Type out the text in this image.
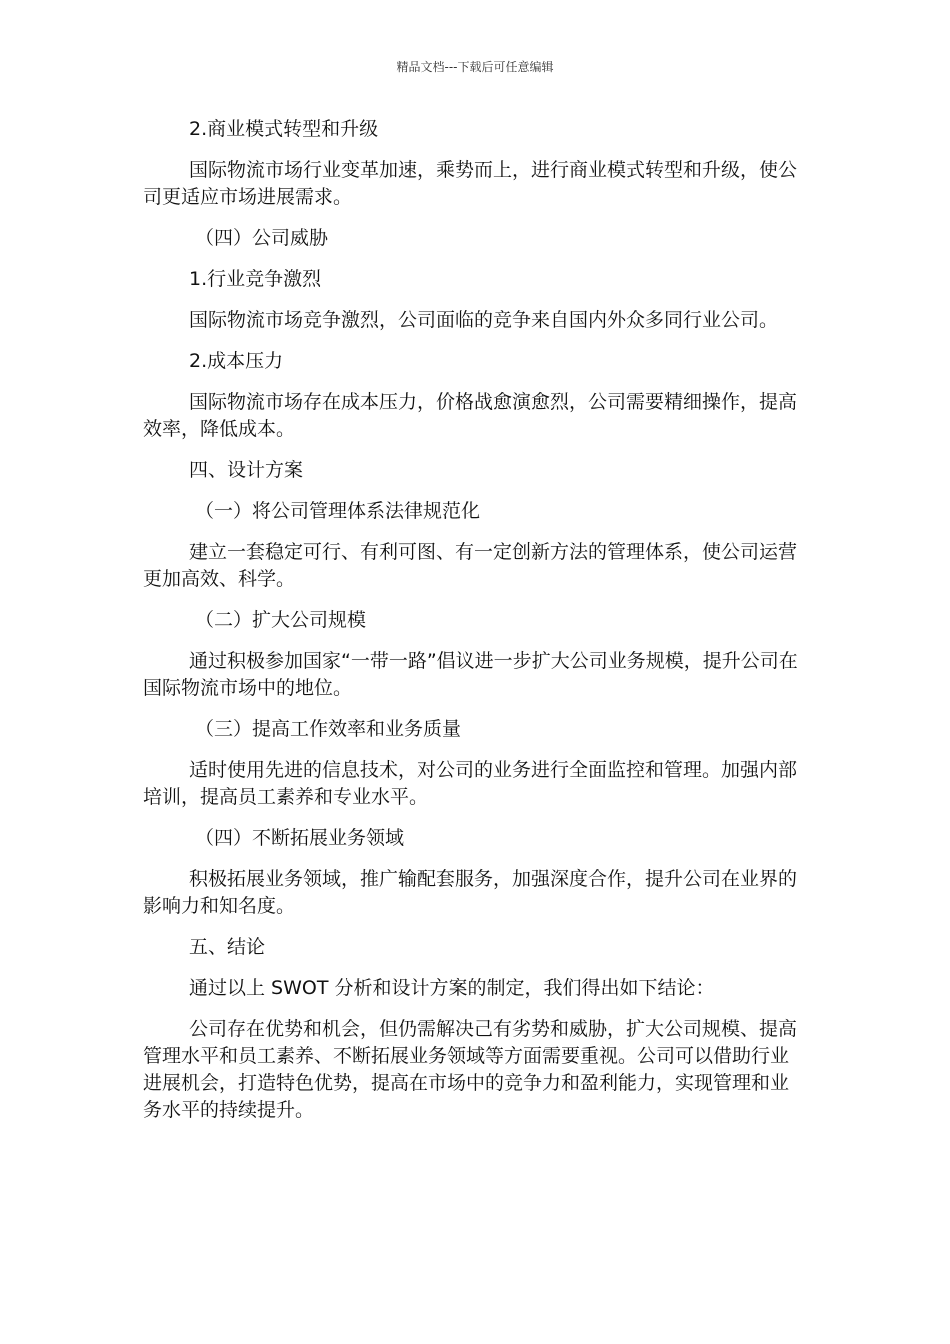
精品文档---下载后可任意编辑

2.商业模式转型和升级

国际物流市场行业变革加速，乘势而上，进行商业模式转型和升级，使公司更适应市场进展需求。

（四）公司威胁

1.行业竞争激烈

国际物流市场竞争激烈，公司面临的竞争来自国内外众多同行业公司。

2.成本压力

国际物流市场存在成本压力，价格战愈演愈烈，公司需要精细操作，提高效率，降低成本。

四、设计方案

（一）将公司管理体系法律规范化

建立一套稳定可行、有利可图、有一定创新方法的管理体系，使公司运营更加高效、科学。

（二）扩大公司规模

通过积极参加国家“一带一路”倡议进一步扩大公司业务规模，提升公司在国际物流市场中的地位。

（三）提高工作效率和业务质量

适时使用先进的信息技术，对公司的业务进行全面监控和管理。加强内部培训，提高员工素养和专业水平。

（四）不断拓展业务领域

积极拓展业务领域，推广输配套服务，加强深度合作，提升公司在业界的影响力和知名度。

五、结论

通过以上 SWOT 分析和设计方案的制定，我们得出如下结论：

公司存在优势和机会，但仍需解决己有劣势和威胁，扩大公司规模、提高管理水平和员工素养、不断拓展业务领域等方面需要重视。公司可以借助行业进展机会，打造特色优势，提高在市场中的竞争力和盈利能力，实现管理和业务水平的持续提升。
